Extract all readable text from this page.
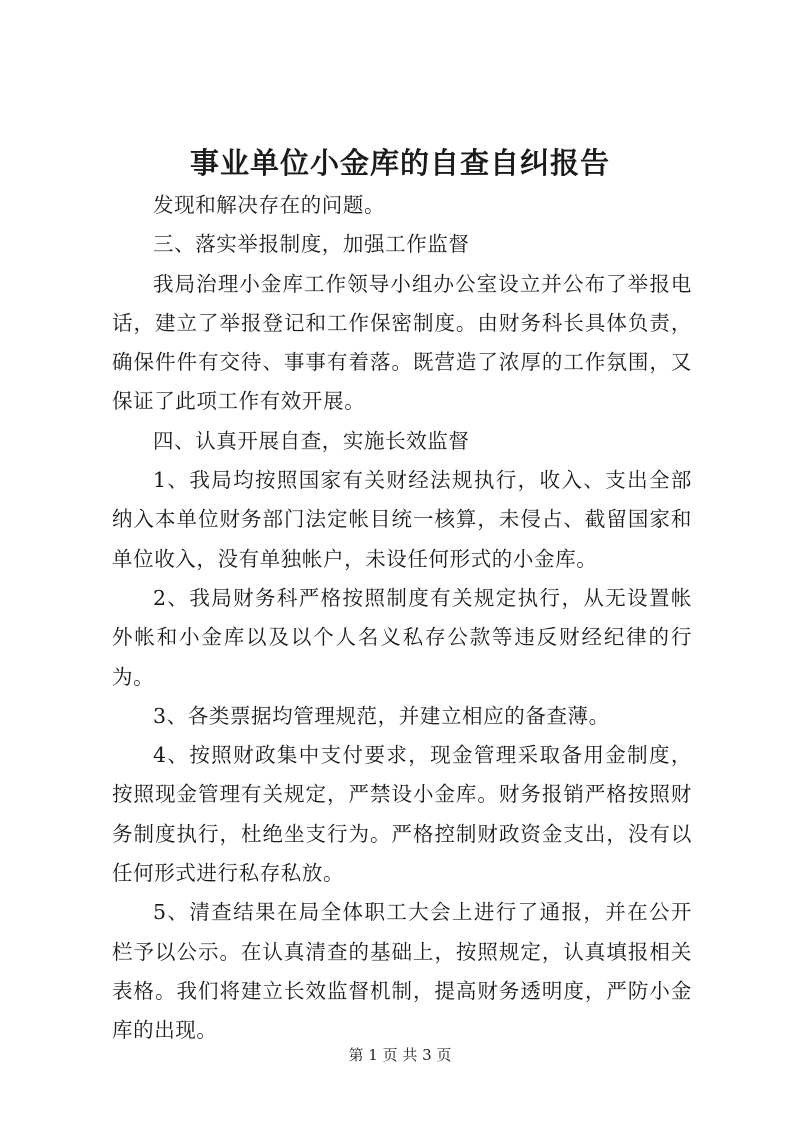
事业单位小金库的自查自纠报告

发现和解决存在的问题。

三、落实举报制度，加强工作监督

我局治理小金库工作领导小组办公室设立并公布了举报电话，建立了举报登记和工作保密制度。由财务科长具体负责，确保件件有交待、事事有着落。既营造了浓厚的工作氛围，又保证了此项工作有效开展。

四、认真开展自查，实施长效监督

1、我局均按照国家有关财经法规执行，收入、支出全部纳入本单位财务部门法定帐目统一核算，未侵占、截留国家和单位收入，没有单独帐户，未设任何形式的小金库。

2、我局财务科严格按照制度有关规定执行，从无设置帐外帐和小金库以及以个人名义私存公款等违反财经纪律的行为。

3、各类票据均管理规范，并建立相应的备查薄。

4、按照财政集中支付要求，现金管理采取备用金制度，按照现金管理有关规定，严禁设小金库。财务报销严格按照财务制度执行，杜绝坐支行为。严格控制财政资金支出，没有以任何形式进行私存私放。

5、清查结果在局全体职工大会上进行了通报，并在公开栏予以公示。在认真清查的基础上，按照规定，认真填报相关表格。我们将建立长效监督机制，提高财务透明度，严防小金库的出现。

第 1 页 共 3 页
